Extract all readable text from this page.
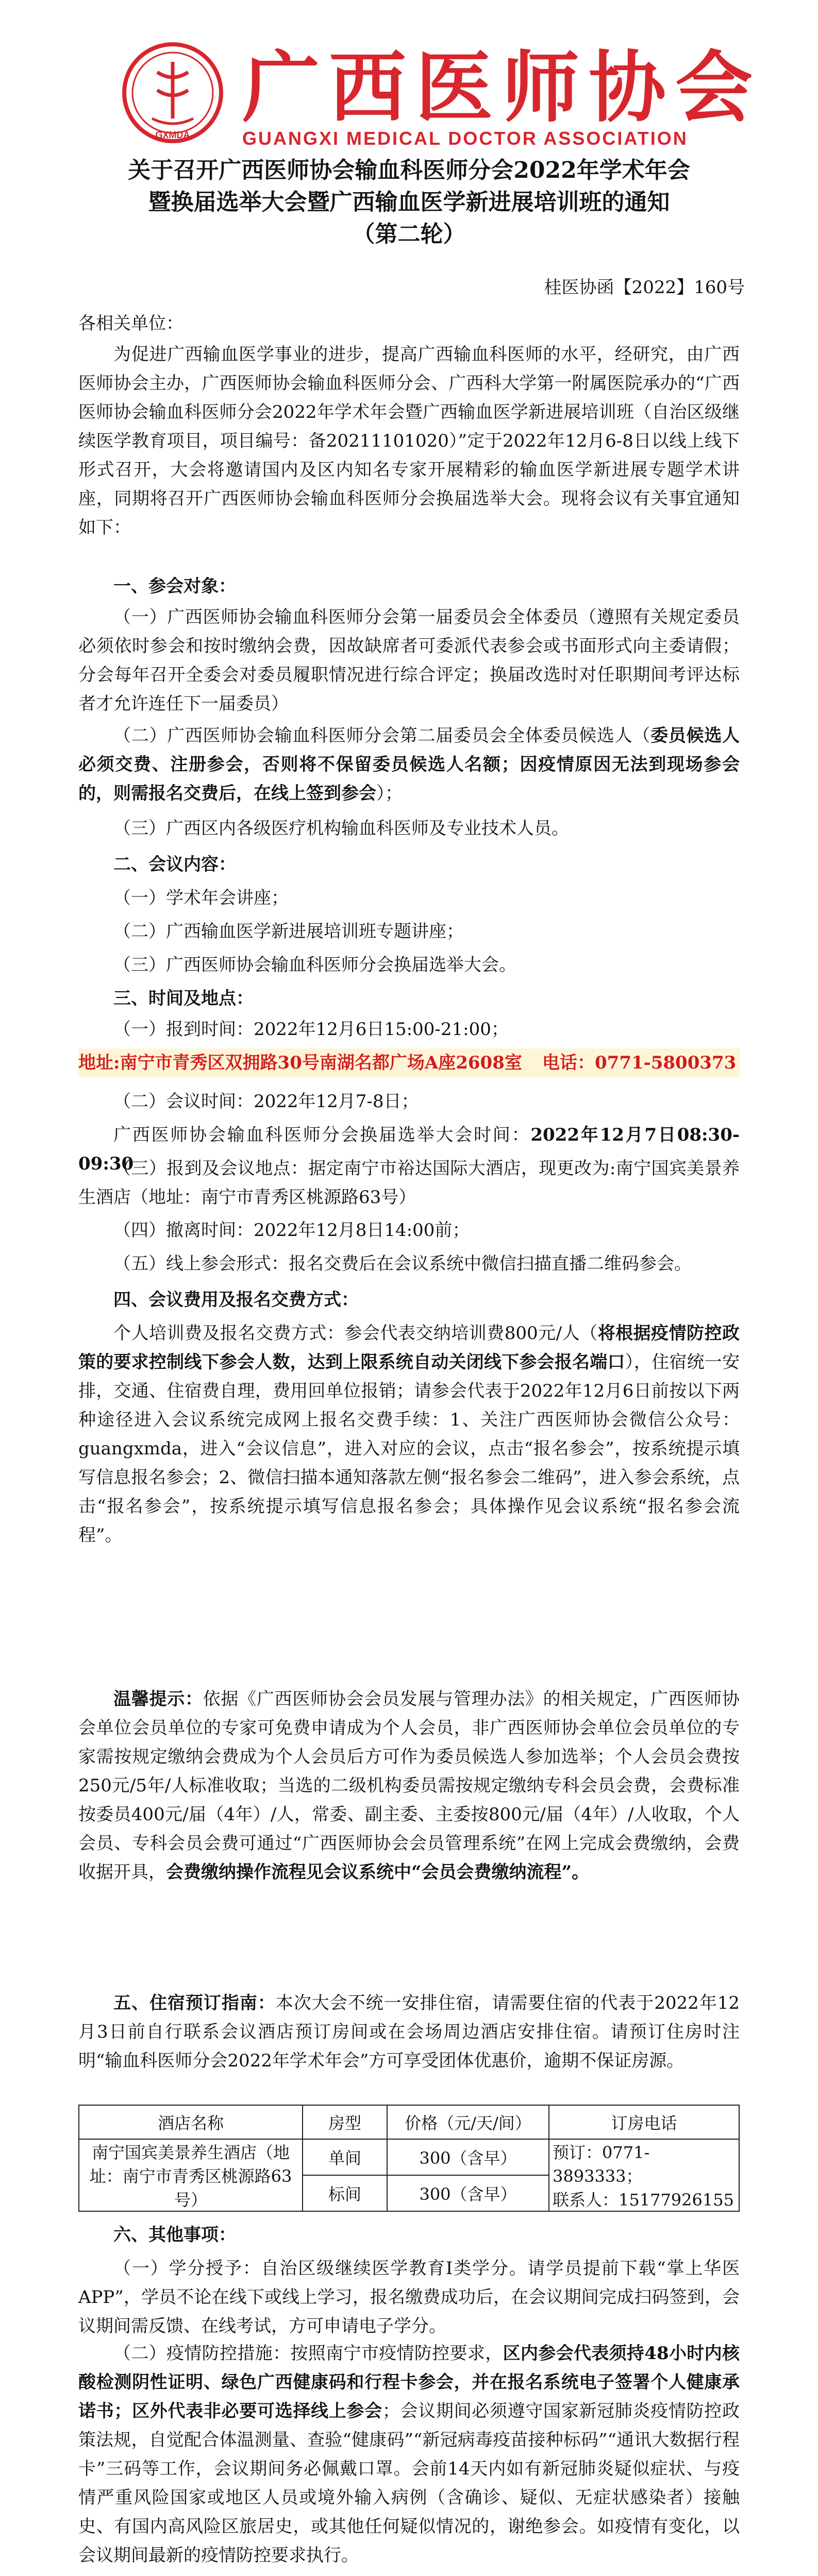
GXMDA
广西医师协会
GUANGXI MEDICAL DOCTOR ASSOCIATION
关于召开广西医师协会输血科医师分会2022年学术年会
暨换届选举大会暨广西输血医学新进展培训班的通知
（第二轮）
桂医协函【2022】160号
各相关单位：
为促进广西输血医学事业的进步，提高广西输血科医师的水平，经研究，由广西医师协会主办，广西医师协会输血科医师分会、广西科大学第一附属医院承办的“广西医师协会输血科医师分会2022年学术年会暨广西输血医学新进展培训班（自治区级继续医学教育项目，项目编号：备20211101020）”定于2022年12月6-8日以线上线下形式召开，大会将邀请国内及区内知名专家开展精彩的输血医学新进展专题学术讲座，同期将召开广西医师协会输血科医师分会换届选举大会。现将会议有关事宜通知如下：
一、参会对象：
（一）广西医师协会输血科医师分会第一届委员会全体委员（遵照有关规定委员必须依时参会和按时缴纳会费，因故缺席者可委派代表参会或书面形式向主委请假；分会每年召开全委会对委员履职情况进行综合评定；换届改选时对任职期间考评达标者才允许连任下一届委员）
（二）广西医师协会输血科医师分会第二届委员会全体委员候选人（委员候选人必须交费、注册参会，否则将不保留委员候选人名额；因疫情原因无法到现场参会的，则需报名交费后，在线上签到参会）；
（三）广西区内各级医疗机构输血科医师及专业技术人员。
二、会议内容：
（一）学术年会讲座；
（二）广西输血医学新进展培训班专题讲座；
（三）广西医师协会输血科医师分会换届选举大会。
三、时间及地点：
（一）报到时间：2022年12月6日15:00-21:00；
地址:南宁市青秀区双拥路30号南湖名都广场A座2608室 电话：0771-5800373
（二）会议时间：2022年12月7-8日；
广西医师协会输血科医师分会换届选举大会时间：2022年12月7日08:30-09:30
（三）报到及会议地点：据定南宁市裕达国际大酒店，现更改为:南宁国宾美景养生酒店（地址：南宁市青秀区桃源路63号）
（四）撤离时间：2022年12月8日14:00前；
（五）线上参会形式：报名交费后在会议系统中微信扫描直播二维码参会。
四、会议费用及报名交费方式：
个人培训费及报名交费方式：参会代表交纳培训费800元/人（将根据疫情防控政策的要求控制线下参会人数，达到上限系统自动关闭线下参会报名端口），住宿统一安排，交通、住宿费自理，费用回单位报销；请参会代表于2022年12月6日前按以下两种途径进入会议系统完成网上报名交费手续：1、关注广西医师协会微信公众号：guangxmda，进入“会议信息”，进入对应的会议，点击“报名参会”，按系统提示填写信息报名参会；2、微信扫描本通知落款左侧“报名参会二维码”，进入参会系统，点击“报名参会”，按系统提示填写信息报名参会；具体操作见会议系统“报名参会流程”。
温馨提示：依据《广西医师协会会员发展与管理办法》的相关规定，广西医师协会单位会员单位的专家可免费申请成为个人会员，非广西医师协会单位会员单位的专家需按规定缴纳会费成为个人会员后方可作为委员候选人参加选举；个人会员会费按250元/5年/人标准收取；当选的二级机构委员需按规定缴纳专科会员会费，会费标准按委员400元/届（4年）/人，常委、副主委、主委按800元/届（4年）/人收取，个人会员、专科会员会费可通过“广西医师协会会员管理系统”在网上完成会费缴纳，会费收据开具，会费缴纳操作流程见会议系统中“会员会费缴纳流程”。
五、住宿预订指南：本次大会不统一安排住宿，请需要住宿的代表于2022年12月3日前自行联系会议酒店预订房间或在会场周边酒店安排住宿。请预订住房时注明“输血科医师分会2022年学术年会”方可享受团体优惠价，逾期不保证房源。
酒店名称	房型	价格（元/天/间）	订房电话
南宁国宾美景养生酒店（地址：南宁市青秀区桃源路63号）	单间	300（含早）	预订：0771-3893333；
联系人：15177926155

	标间	300（含早）	
六、其他事项：
（一）学分授予：自治区级继续医学教育I类学分。请学员提前下载“掌上华医APP”，学员不论在线下或线上学习，报名缴费成功后，在会议期间完成扫码签到，会议期间需反馈、在线考试，方可申请电子学分。
（二）疫情防控措施：按照南宁市疫情防控要求，区内参会代表须持48小时内核酸检测阴性证明、绿色广西健康码和行程卡参会，并在报名系统电子签署个人健康承诺书；区外代表非必要可选择线上参会；会议期间必须遵守国家新冠肺炎疫情防控政策法规，自觉配合体温测量、查验“健康码”“新冠病毒疫苗接种标码”“通讯大数据行程卡”三码等工作，会议期间务必佩戴口罩。会前14天内如有新冠肺炎疑似症状、与疫情严重风险国家或地区人员或境外输入病例（含确诊、疑似、无症状感染者）接触史、有国内高风险区旅居史，或其他任何疑似情况的，谢绝参会。如疫情有变化，以会议期间最新的疫情防控要求执行。
